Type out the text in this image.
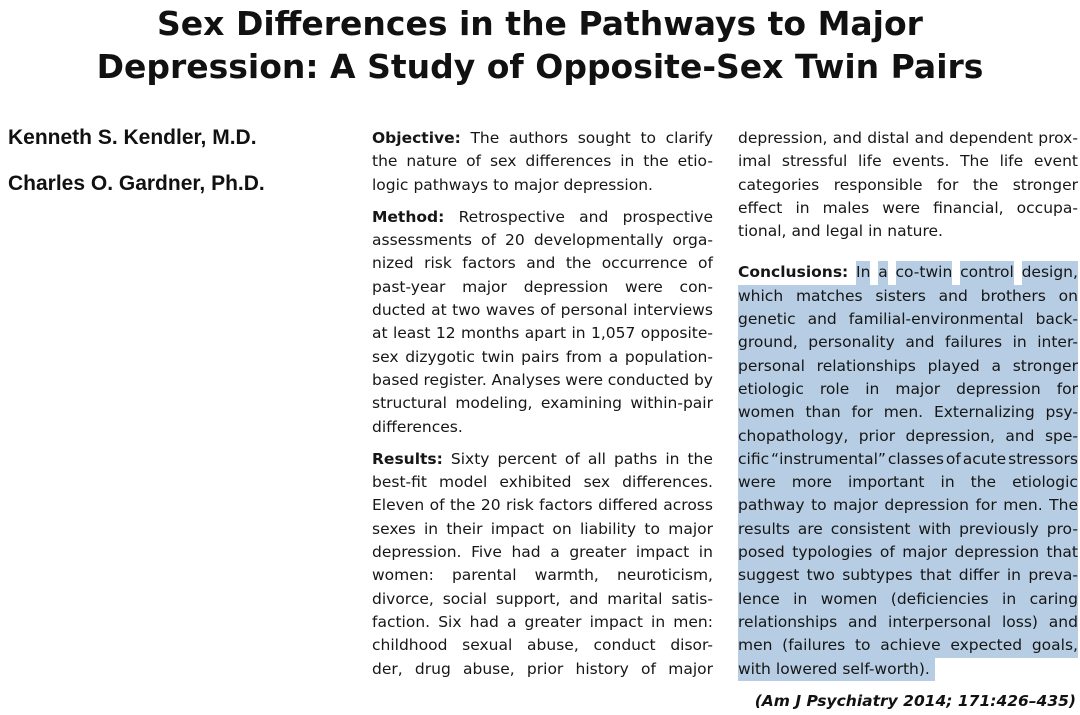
Sex Differences in the Pathways to Major
Depression: A Study of Opposite-Sex Twin Pairs
Kenneth S. Kendler, M.D.
Charles O. Gardner, Ph.D.
Objective: The authors sought to clarify
the nature of sex differences in the etio-
logic pathways to major depression.
Method: Retrospective and prospective
assessments of 20 developmentally orga-
nized risk factors and the occurrence of
past-year major depression were con-
ducted at two waves of personal interviews
at least 12 months apart in 1,057 opposite-
sex dizygotic twin pairs from a population-
based register. Analyses were conducted by
structural modeling, examining within-pair
differences.
Results: Sixty percent of all paths in the
best-fit model exhibited sex differences.
Eleven of the 20 risk factors differed across
sexes in their impact on liability to major
depression. Five had a greater impact in
women: parental warmth, neuroticism,
divorce, social support, and marital satis-
faction. Six had a greater impact in men:
childhood sexual abuse, conduct disor-
der, drug abuse, prior history of major
depression, and distal and dependent prox-
imal stressful life events. The life event
categories responsible for the stronger
effect in males were financial, occupa-
tional, and legal in nature.
Conclusions: In a co-twin control design,
which matches sisters and brothers on
genetic and familial-environmental back-
ground, personality and failures in inter-
personal relationships played a stronger
etiologic role in major depression for
women than for men. Externalizing psy-
chopathology, prior depression, and spe-
cific “instrumental” classes of acute stressors
were more important in the etiologic
pathway to major depression for men. The
results are consistent with previously pro-
posed typologies of major depression that
suggest two subtypes that differ in preva-
lence in women (deficiencies in caring
relationships and interpersonal loss) and
men (failures to achieve expected goals,
with lowered self-worth).
(Am J Psychiatry 2014; 171:426–435)
